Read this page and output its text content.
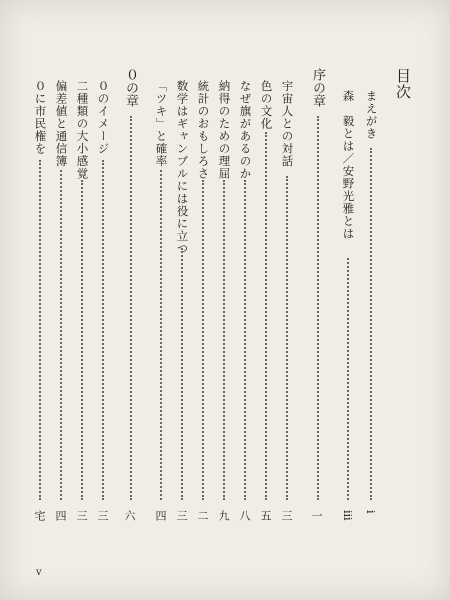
目次
まえがき
i
森　毅とは／安野光雅とは
iii
序の章
一
宇宙人との対話
三
色の文化
五
なぜ旗があるのか
八
納得のための理屈
九
統計のおもしろさ
二
数学はギャンブルには役に立つ
三
「ツキ」と確率
四
０の章
六
０のイメージ
三
二種類の大小感覚
三
偏差値と通信簿
四
０に市民権を
宅
v
